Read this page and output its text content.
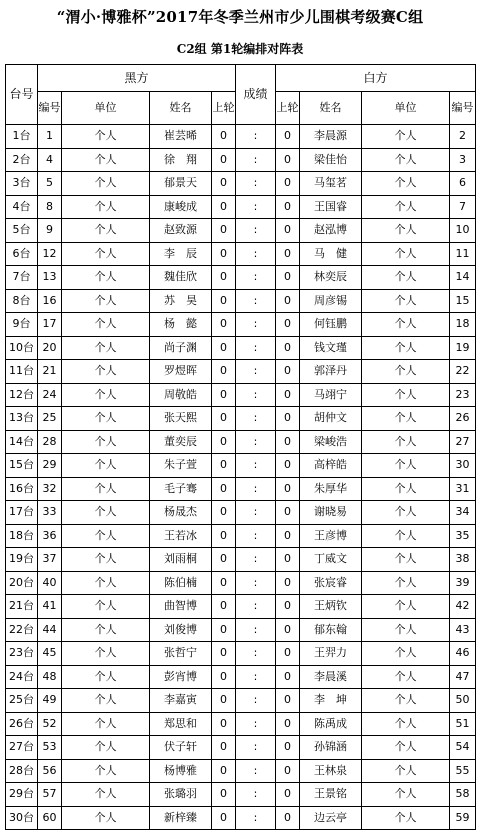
“渭小·博雅杯”2017年冬季兰州市少儿围棋考级赛C组
C2组 第1轮编排对阵表
台号	黑方				成绩	白方			
	编号	单位	姓名	上轮		上轮	姓名	单位	编号
1台	1	个人	崔芸晞	0	:	0	李晨源	个人	2
2台	4	个人	徐　翔	0	:	0	梁佳怡	个人	3
3台	5	个人	郁景天	0	:	0	马玺茗	个人	6
4台	8	个人	康峻成	0	:	0	王国睿	个人	7
5台	9	个人	赵致源	0	:	0	赵泓博	个人	10
6台	12	个人	李　辰	0	:	0	马　健	个人	11
7台	13	个人	魏佳欣	0	:	0	林奕辰	个人	14
8台	16	个人	苏　昊	0	:	0	周彦锡	个人	15
9台	17	个人	杨　懿	0	:	0	何钰鹏	个人	18
10台	20	个人	尚子渊	0	:	0	钱文瑾	个人	19
11台	21	个人	罗煜晖	0	:	0	郭泽丹	个人	22
12台	24	个人	周敬皓	0	:	0	马翊宁	个人	23
13台	25	个人	张天熙	0	:	0	胡仲文	个人	26
14台	28	个人	董奕辰	0	:	0	梁峻浩	个人	27
15台	29	个人	朱子萱	0	:	0	高梓皓	个人	30
16台	32	个人	毛子骞	0	:	0	朱厚华	个人	31
17台	33	个人	杨晟杰	0	:	0	谢晓易	个人	34
18台	36	个人	王若冰	0	:	0	王彦博	个人	35
19台	37	个人	刘雨桐	0	:	0	丁威文	个人	38
20台	40	个人	陈伯楠	0	:	0	张宸睿	个人	39
21台	41	个人	曲智博	0	:	0	王炳钦	个人	42
22台	44	个人	刘俊博	0	:	0	郁东翰	个人	43
23台	45	个人	张哲宁	0	:	0	王羿力	个人	46
24台	48	个人	彭宵博	0	:	0	李晨溪	个人	47
25台	49	个人	李嘉寅	0	:	0	李　坤	个人	50
26台	52	个人	郑思和	0	:	0	陈禹成	个人	51
27台	53	个人	伏子轩	0	:	0	孙锦涵	个人	54
28台	56	个人	杨博雅	0	:	0	王林泉	个人	55
29台	57	个人	张璐羽	0	:	0	王景铭	个人	58
30台	60	个人	新梓臻	0	:	0	边云亭	个人	59
